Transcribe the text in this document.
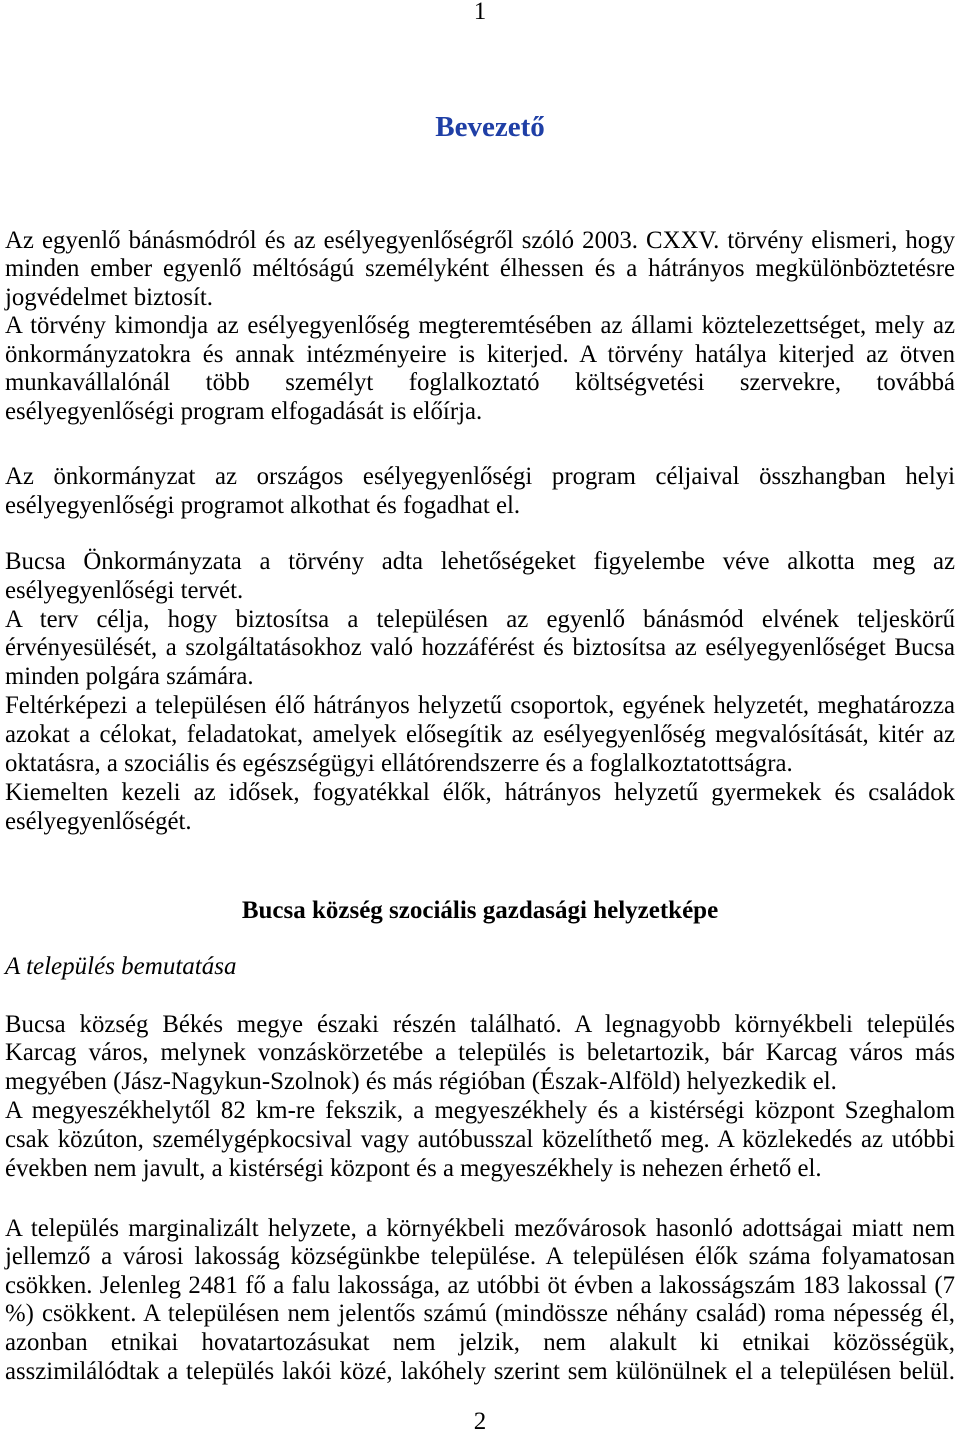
1
Bevezető
Az egyenlő bánásmódról és az esélyegyenlőségről szóló 2003. CXXV. törvény elismeri, hogy
minden ember egyenlő méltóságú személyként élhessen és a hátrányos megkülönböztetésre
jogvédelmet biztosít.
A törvény kimondja az esélyegyenlőség megteremtésében az állami köztelezettséget, mely az
önkormányzatokra és annak intézményeire is kiterjed. A törvény hatálya kiterjed az ötven
munkavállalónál több személyt foglalkoztató költségvetési szervekre, továbbá
esélyegyenlőségi program elfogadását is előírja.
Az önkormányzat az országos esélyegyenlőségi program céljaival összhangban helyi
esélyegyenlőségi programot alkothat és fogadhat el.
Bucsa Önkormányzata a törvény adta lehetőségeket figyelembe véve alkotta meg az
esélyegyenlőségi tervét.
A terv célja, hogy biztosítsa a településen az egyenlő bánásmód elvének teljeskörű
érvényesülését, a szolgáltatásokhoz való hozzáférést és biztosítsa az esélyegyenlőséget Bucsa
minden polgára számára.
Feltérképezi a településen élő hátrányos helyzetű csoportok, egyének helyzetét, meghatározza
azokat a célokat, feladatokat, amelyek elősegítik az esélyegyenlőség megvalósítását, kitér az
oktatásra, a szociális és egészségügyi ellátórendszerre és a foglalkoztatottságra.
Kiemelten kezeli az idősek, fogyatékkal élők, hátrányos helyzetű gyermekek és családok
esélyegyenlőségét.
Bucsa község szociális gazdasági helyzetképe
A település bemutatása
Bucsa község Békés megye északi részén található. A legnagyobb környékbeli település
Karcag város, melynek vonzáskörzetébe a település is beletartozik, bár Karcag város más
megyében (Jász-Nagykun-Szolnok) és más régióban (Észak-Alföld) helyezkedik el.
A megyeszékhelytől 82 km-re fekszik, a megyeszékhely és a kistérségi központ Szeghalom
csak közúton, személygépkocsival vagy autóbusszal közelíthető meg. A közlekedés az utóbbi
években nem javult, a kistérségi központ és a megyeszékhely is nehezen érhető el.
A település marginalizált helyzete, a környékbeli mezővárosok hasonló adottságai miatt nem
jellemző a városi lakosság községünkbe települése. A településen élők száma folyamatosan
csökken. Jelenleg 2481 fő a falu lakossága, az utóbbi öt évben a lakosságszám 183 lakossal (7
%) csökkent. A településen nem jelentős számú (mindössze néhány család) roma népesség él,
azonban etnikai hovatartozásukat nem jelzik, nem alakult ki etnikai közösségük,
asszimilálódtak a település lakói közé, lakóhely szerint sem különülnek el a településen belül.
2
